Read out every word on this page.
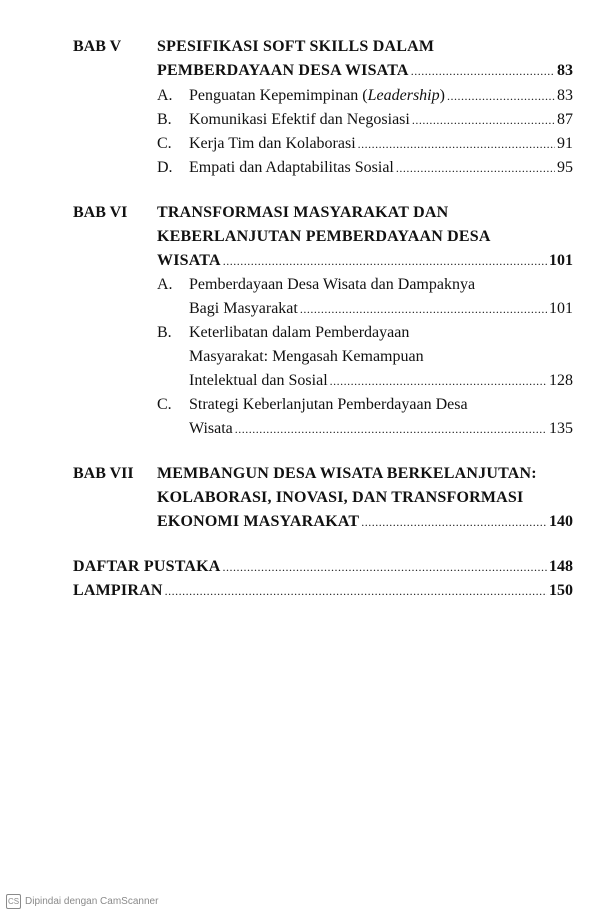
BAB V SPESIFIKASI SOFT SKILLS DALAM
PEMBERDAYAAN DESA WISATA .....	83
A. Penguatan Kepemimpinan (Leadership) .....	83
B. Komunikasi Efektif dan Negosiasi .....	87
C. Kerja Tim dan Kolaborasi .....	91
D. Empati dan Adaptabilitas Sosial .....	95
BAB VI TRANSFORMASI MASYARAKAT DAN
KEBERLANJUTAN PEMBERDAYAAN DESA
WISATA .....	101
A. Pemberdayaan Desa Wisata dan Dampaknya
Bagi Masyarakat .....	101
B. Keterlibatan dalam Pemberdayaan
Masyarakat: Mengasah Kemampuan
Intelektual dan Sosial .....	128
C. Strategi Keberlanjutan Pemberdayaan Desa
Wisata .....	135
BAB VII MEMBANGUN DESA WISATA BERKELANJUTAN:
KOLABORASI, INOVASI, DAN TRANSFORMASI
EKONOMI MASYARAKAT .....	140
DAFTAR PUSTAKA .....	148
LAMPIRAN .....	150
CS Dipindai dengan CamScanner
